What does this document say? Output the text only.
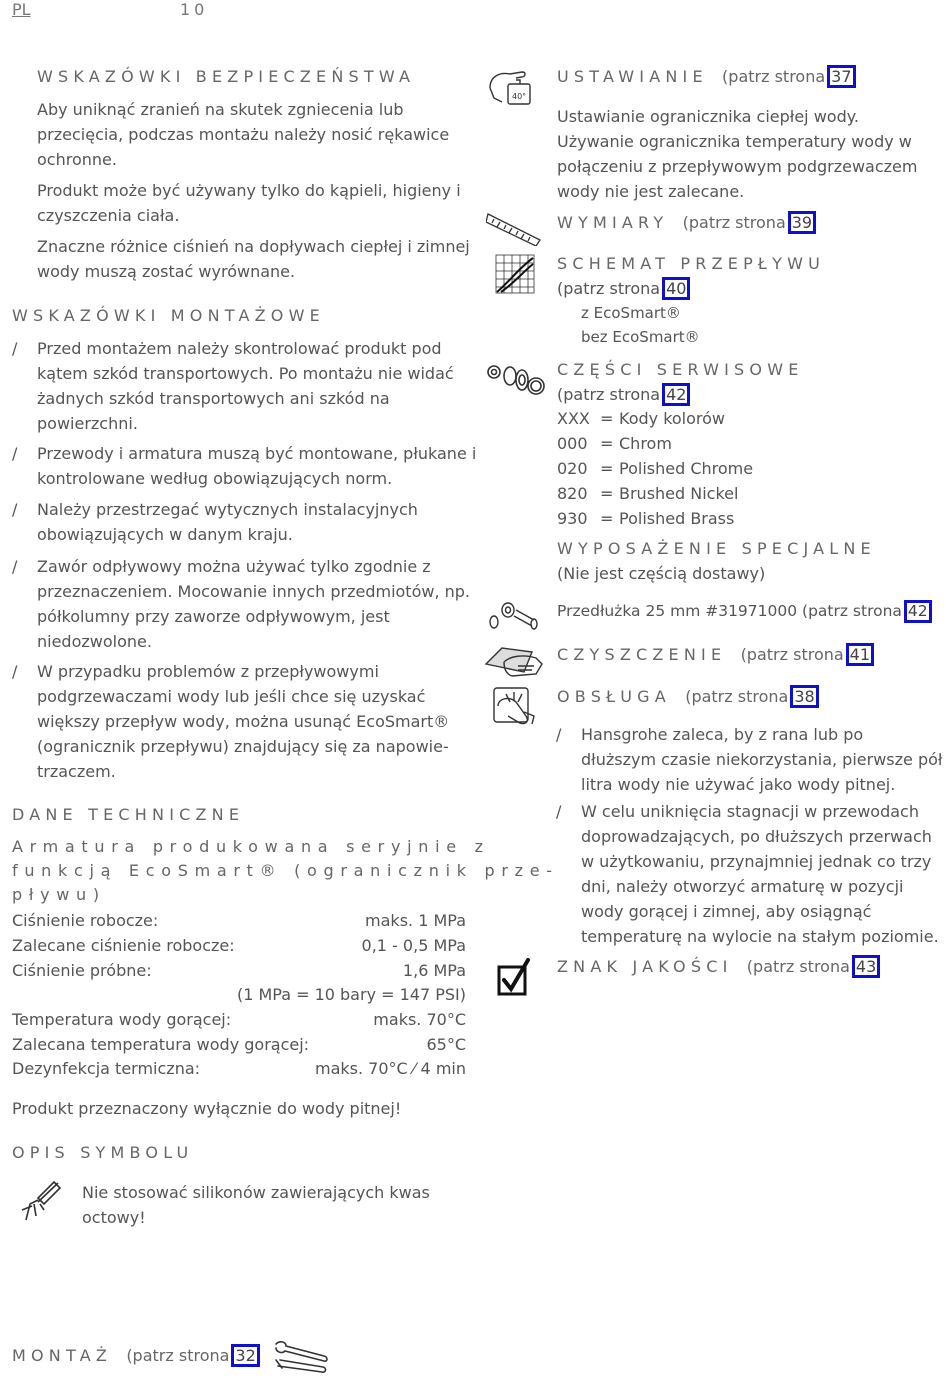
PL	10
WSKAZÓWKI BEZPIECZEŃSTWA
Aby uniknąć zranień na skutek zgniecenia lub
przecięcia, podczas montażu należy nosić rękawice
ochronne.
Produkt może być używany tylko do kąpieli, higieny i
czyszczenia ciała.
Znaczne różnice ciśnień na dopływach ciepłej i zimnej
wody muszą zostać wyrównane.
WSKAZÓWKI MONTAŻOWE
/ Przed montażem należy skontrolować produkt pod
kątem szkód transportowych. Po montażu nie widać
żadnych szkód transportowych ani szkód na
powierzchni.
/ Przewody i armatura muszą być montowane, płukane i
kontrolowane według obowiązujących norm.
/ Należy przestrzegać wytycznych instalacyjnych
obowiązujących w danym kraju.
/ Zawór odpływowy można używać tylko zgodnie z
przeznaczeniem. Mocowanie innych przedmiotów, np.
półkolumny przy zaworze odpływowym, jest
niedozwolone.
/ W przypadku problemów z przepływowymi
podgrzewaczami wody lub jeśli chce się uzyskać
większy przepływ wody, można usunąć EcoSmart®
(ogranicznik przepływu) znajdujący się za napowie-
trzaczem.
DANE TECHNICZNE
Armatura produkowana seryjnie z
funkcją EcoSmart® (ogranicznik prze-
pływu)
Ciśnienie robocze:	maks. 1 MPa
Zalecane ciśnienie robocze:	0,1 - 0,5 MPa
Ciśnienie próbne:	1,6 MPa
(1 MPa = 10 bary = 147 PSI)
Temperatura wody gorącej:	maks. 70°C
Zalecana temperatura wody gorącej:	65°C
Dezynfekcja termiczna:	maks. 70°C ⁄ 4 min
Produkt przeznaczony wyłącznie do wody pitnej!
OPIS SYMBOLU
Nie stosować silikonów zawierających kwas
octowy!
MONTAŻ (patrz strona 32
40°
USTAWIANIE (patrz strona 37
Ustawianie ogranicznika ciepłej wody.
Używanie ogranicznika temperatury wody w
połączeniu z przepływowym podgrzewaczem
wody nie jest zalecane.
WYMIARY (patrz strona 39
SCHEMAT PRZEPŁYWU
(patrz strona 40
z EcoSmart®
bez EcoSmart®
CZĘŚCI SERWISOWE
(patrz strona 42
XXX = Kody kolorów
000 = Chrom
020 = Polished Chrome
820 = Brushed Nickel
930 = Polished Brass
WYPOSAŻENIE SPECJALNE
(Nie jest częścią dostawy)
Przedłużka 25 mm #31971000 (patrz strona 42
CZYSZCZENIE (patrz strona 41
OBSŁUGA (patrz strona 38
/ Hansgrohe zaleca, by z rana lub po
dłuższym czasie niekorzystania, pierwsze pół
litra wody nie używać jako wody pitnej.
/ W celu uniknięcia stagnacji w przewodach
doprowadzających, po dłuższych przerwach
w użytkowaniu, przynajmniej jednak co trzy
dni, należy otworzyć armaturę w pozycji
wody gorącej i zimnej, aby osiągnąć
temperaturę na wylocie na stałym poziomie.
ZNAK JAKOŚCI (patrz strona 43
